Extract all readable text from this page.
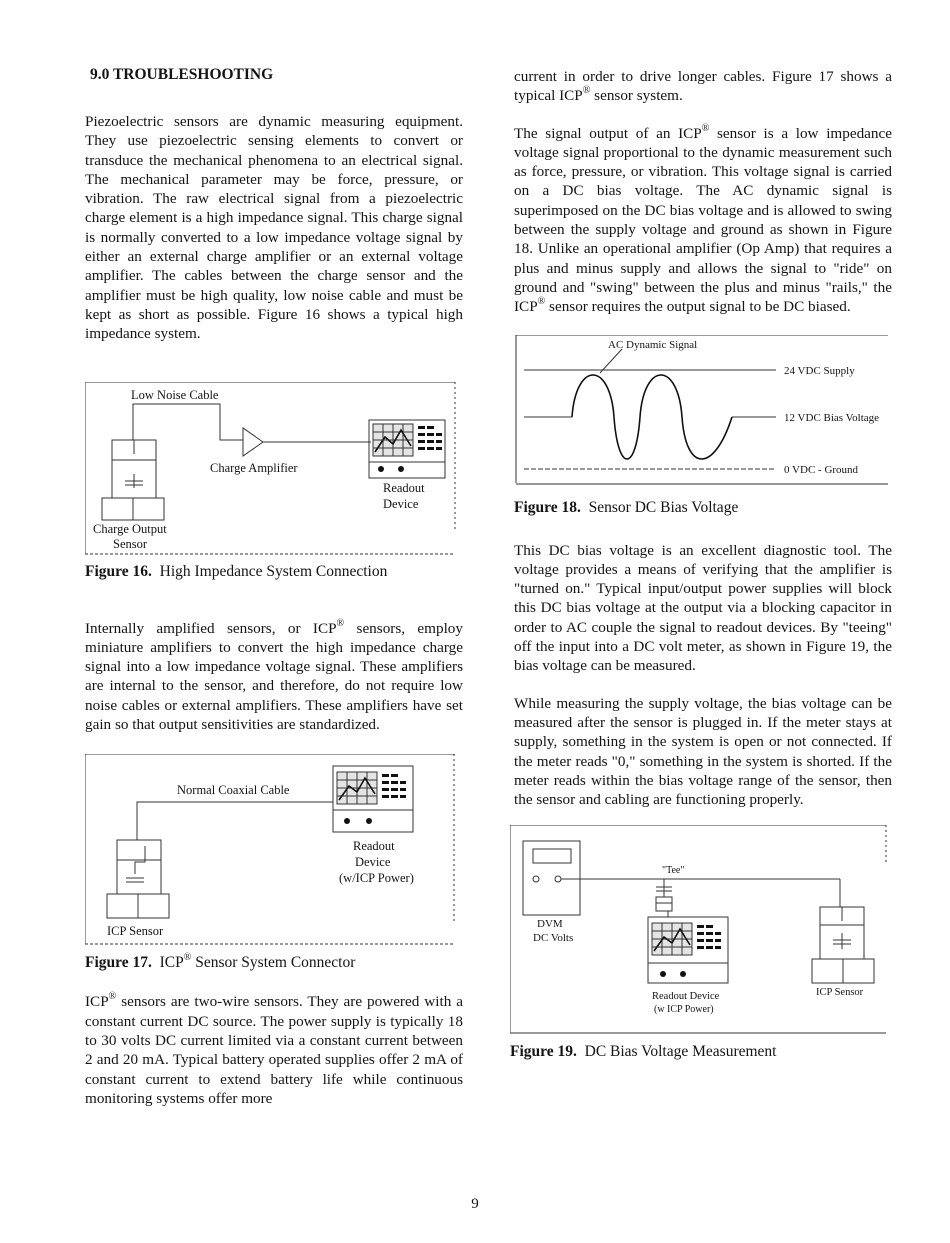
9.0 TROUBLESHOOTING

Piezoelectric sensors are dynamic measuring equipment. They use piezoelectric sensing elements to convert or transduce the mechanical phenomena to an electrical signal. The mechanical parameter may be force, pressure, or vibration. The raw electrical signal from a piezoelectric charge element is a high impedance signal. This charge signal is normally converted to a low impedance voltage signal by either an external charge amplifier or an external voltage amplifier. The cables between the charge sensor and the amplifier must be high quality, low noise cable and must be kept as short as possible. Figure 16 shows a typical high impedance system.

Low Noise Cable
Charge Amplifier
Readout
Device
Charge Output
Sensor

Figure 16. High Impedance System Connection

Internally amplified sensors, or ICP® sensors, employ miniature amplifiers to convert the high impedance charge signal into a low impedance voltage signal. These amplifiers are internal to the sensor, and therefore, do not require low noise cables or external amplifiers. These amplifiers have set gain so that output sensitivities are standardized.

Normal Coaxial Cable
Readout
Device
(w/ICP Power)
ICP Sensor

Figure 17. ICP® Sensor System Connector

ICP® sensors are two-wire sensors. They are powered with a constant current DC source. The power supply is typically 18 to 30 volts DC current limited via a constant current between 2 and 20 mA. Typical battery operated supplies offer 2 mA of constant current to extend battery life while continuous monitoring systems offer more

current in order to drive longer cables. Figure 17 shows a typical ICP® sensor system.

The signal output of an ICP® sensor is a low impedance voltage signal proportional to the dynamic measurement such as force, pressure, or vibration. This voltage signal is carried on a DC bias voltage. The AC dynamic signal is superimposed on the DC bias voltage and is allowed to swing between the supply voltage and ground as shown in Figure 18. Unlike an operational amplifier (Op Amp) that requires a plus and minus supply and allows the signal to "ride" on ground and "swing" between the plus and minus "rails," the ICP® sensor requires the output signal to be DC biased.

AC Dynamic Signal
24 VDC Supply
12 VDC Bias Voltage
0 VDC - Ground

Figure 18. Sensor DC Bias Voltage

This DC bias voltage is an excellent diagnostic tool. The voltage provides a means of verifying that the amplifier is "turned on." Typical input/output power supplies will block this DC bias voltage at the output via a blocking capacitor in order to AC couple the signal to readout devices. By "teeing" off the input into a DC volt meter, as shown in Figure 19, the bias voltage can be measured.

While measuring the supply voltage, the bias voltage can be measured after the sensor is plugged in. If the meter stays at supply, something in the system is open or not connected. If the meter reads "0," something in the system is shorted. If the meter reads within the bias voltage range of the sensor, then the sensor and cabling are functioning properly.

"Tee"
DVM
DC Volts
Readout Device
(w ICP Power)
ICP Sensor

Figure 19. DC Bias Voltage Measurement

9
